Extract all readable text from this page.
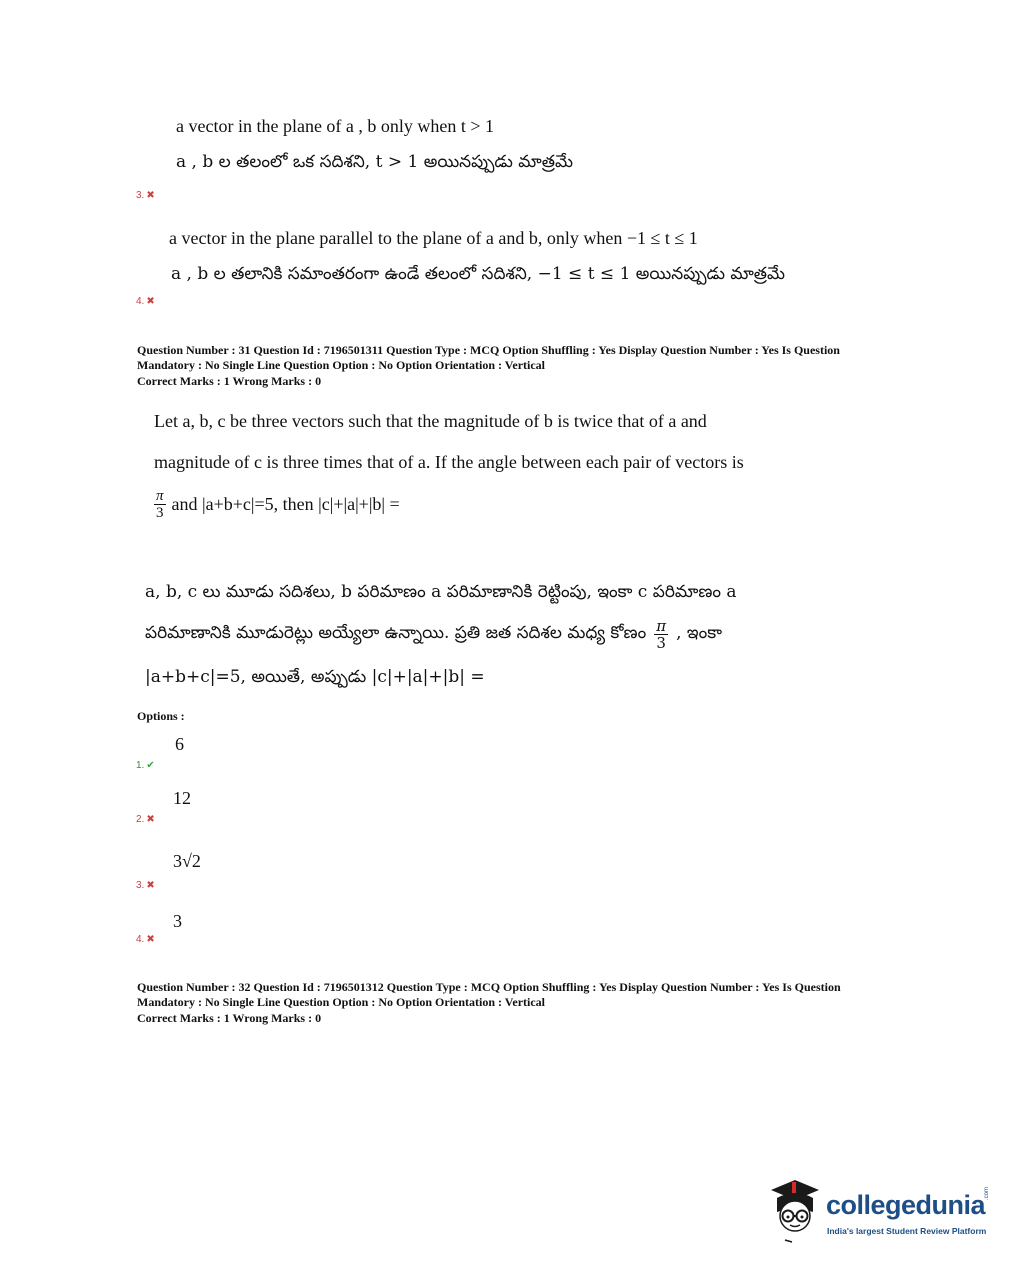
a vector in the plane of a , b only when t > 1
a , b ల తలంలో ఒక సదిశని, t > 1 అయినప్పుడు మాత్రమే
3. ✖
a vector in the plane parallel to the plane of a and b, only when −1 ≤ t ≤ 1
a , b ల తలానికి సమాంతరంగా ఉండే తలంలో సదిశని, −1 ≤ t ≤ 1 అయినప్పుడు మాత్రమే
4. ✖
Question Number : 31 Question Id : 7196501311 Question Type : MCQ Option Shuffling : Yes Display Question Number : Yes Is Question
Mandatory : No Single Line Question Option : No Option Orientation : Vertical
Correct Marks : 1 Wrong Marks : 0
Let a, b, c be three vectors such that the magnitude of b is twice that of a and
magnitude of c is three times that of a. If the angle between each pair of vectors is
$\frac{\pi}{3}$ and |a+b+c|=5, then |c|+|a|+|b| =
a, b, c లు మూడు సదిశలు, b పరిమాణం a పరిమాణానికి రెట్టింపు, ఇంకా c పరిమాణం a
పరిమాణానికి మూడురెట్లు అయ్యేలా ఉన్నాయి. ప్రతి జత సదిశల మధ్య కోణం $\frac{\pi}{3}$ , ఇంకా
|a+b+c|=5, అయితే, అప్పుడు |c|+|a|+|b| =
Options :
6
1. ✔
12
2. ✖
3√2
3. ✖
3
4. ✖
Question Number : 32 Question Id : 7196501312 Question Type : MCQ Option Shuffling : Yes Display Question Number : Yes Is Question
Mandatory : No Single Line Question Option : No Option Orientation : Vertical
Correct Marks : 1 Wrong Marks : 0
collegedunia
.com
India's largest Student Review Platform
